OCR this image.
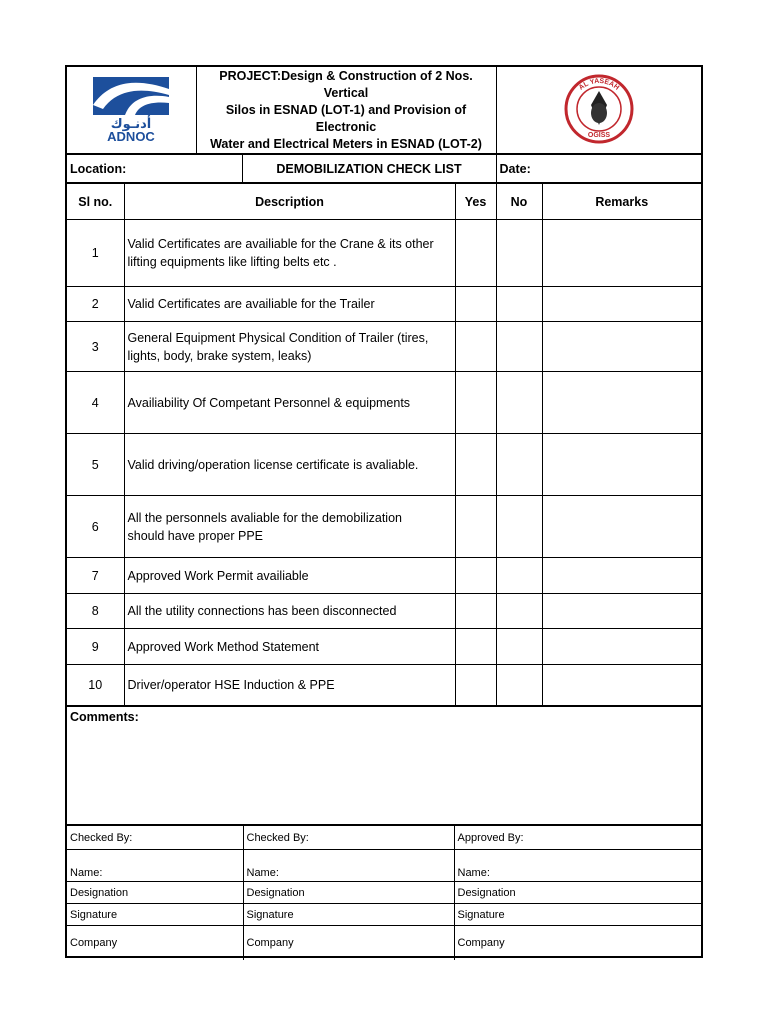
أدنـوك
ADNOC

PROJECT:Design & Construction of 2 Nos. Vertical
Silos in ESNAD (LOT-1) and Provision of Electronic
Water and Electrical Meters in ESNAD (LOT-2)

AL YASEAH
OGISS
Location:	DEMOBILIZATION CHECK LIST	Date:
Sl no.	Description	Yes	No	Remarks
1	Valid Certificates are availiable for the Crane & its other
lifting equipments like lifting belts etc .			

2	Valid Certificates are availiable for the Trailer			
3	General Equipment Physical Condition of Trailer (tires,
lights, body, brake system, leaks)			

4	Availiability Of Competant Personnel & equipments			
5	Valid driving/operation license certificate is avaliable.			
6	All the personnels avaliable for the demobilization
should have proper PPE			

7	Approved Work Permit availiable			
8	All the utility connections has been disconnected			
9	Approved Work Method Statement			
10	Driver/operator HSE Induction & PPE			
Comments:
Checked By:	Checked By:	Approved By:
Name:	Name:	Name:
Designation	Designation	Designation
Signature	Signature	Signature
Company	Company	Company
